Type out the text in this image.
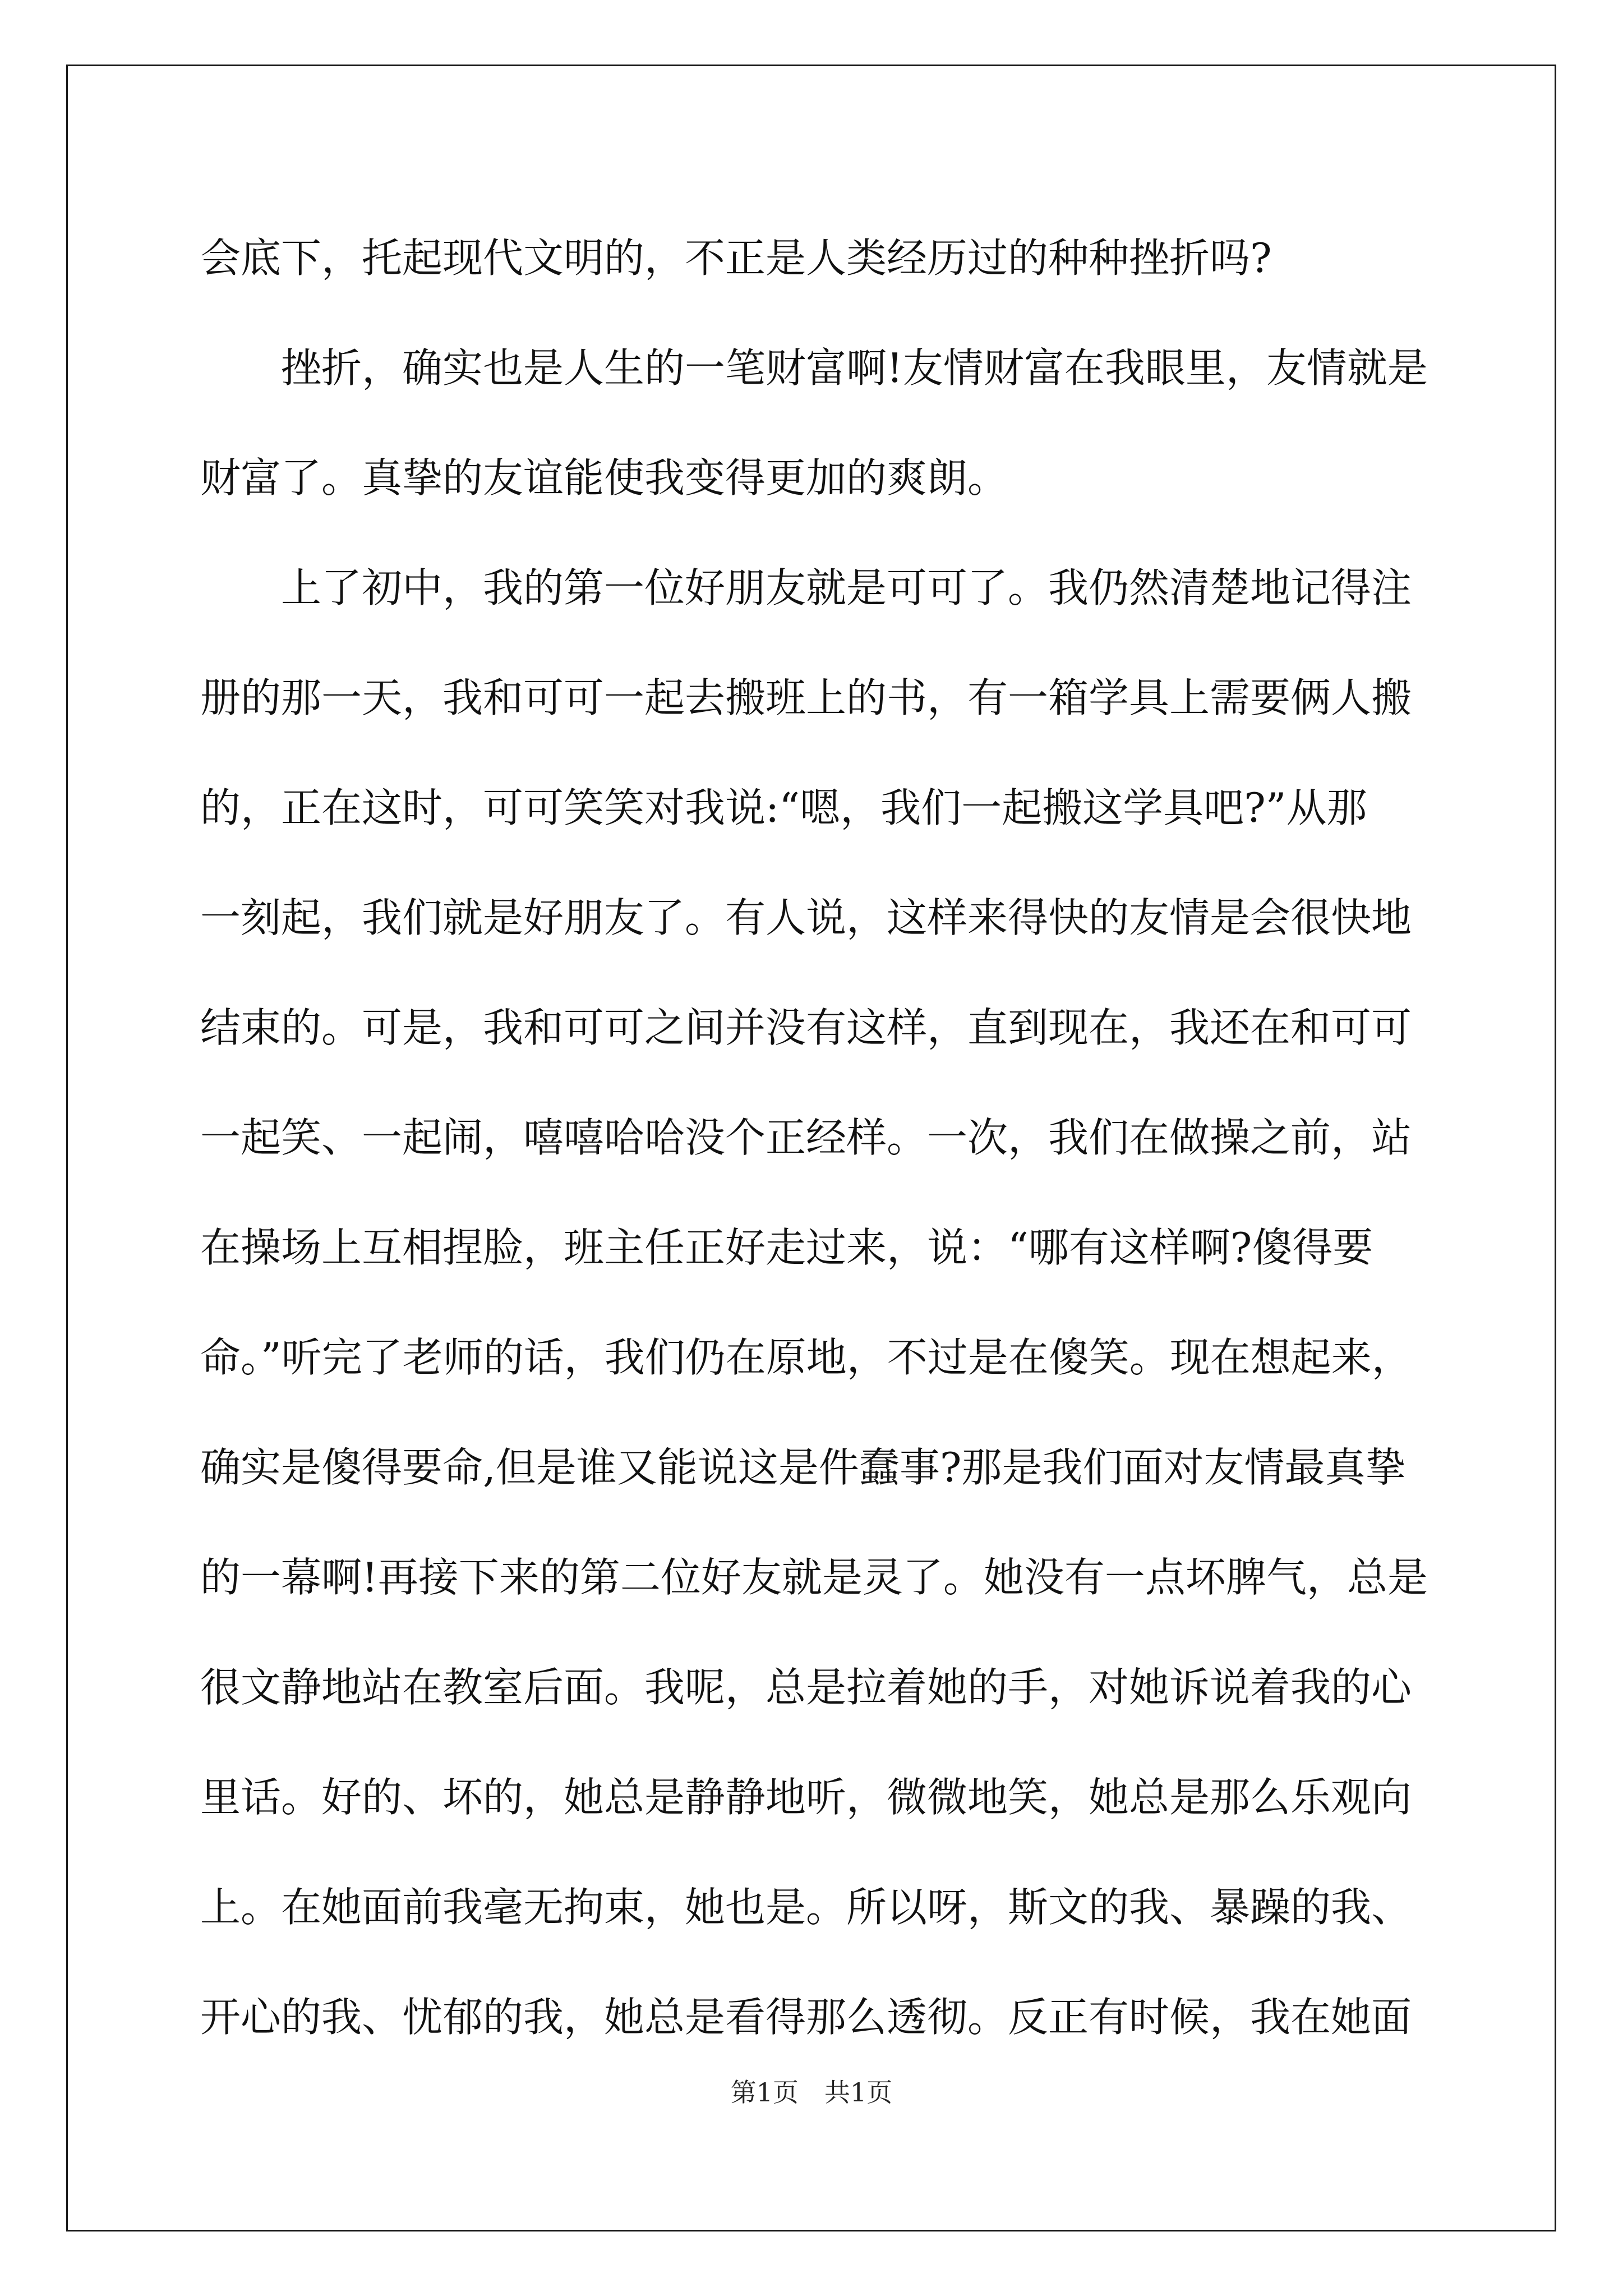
会底下，托起现代文明的，不正是人类经历过的种种挫折吗?
挫折，确实也是人生的一笔财富啊!友情财富在我眼里，友情就是
财富了。真挚的友谊能使我变得更加的爽朗。
上了初中，我的第一位好朋友就是可可了。我仍然清楚地记得注
册的那一天，我和可可一起去搬班上的书，有一箱学具上需要俩人搬
的，正在这时，可可笑笑对我说:“嗯，我们一起搬这学具吧?”从那
一刻起，我们就是好朋友了。有人说，这样来得快的友情是会很快地
结束的。可是，我和可可之间并没有这样，直到现在，我还在和可可
一起笑、一起闹，嘻嘻哈哈没个正经样。一次，我们在做操之前，站
在操场上互相捏脸，班主任正好走过来，说：“哪有这样啊?傻得要
命。”听完了老师的话，我们仍在原地，不过是在傻笑。现在想起来，
确实是傻得要命,但是谁又能说这是件蠢事?那是我们面对友情最真挚
的一幕啊!再接下来的第二位好友就是灵了。她没有一点坏脾气，总是
很文静地站在教室后面。我呢，总是拉着她的手，对她诉说着我的心
里话。好的、坏的，她总是静静地听，微微地笑，她总是那么乐观向
上。在她面前我毫无拘束，她也是。所以呀，斯文的我、暴躁的我、
开心的我、忧郁的我，她总是看得那么透彻。反正有时候，我在她面
第1页　共1页
